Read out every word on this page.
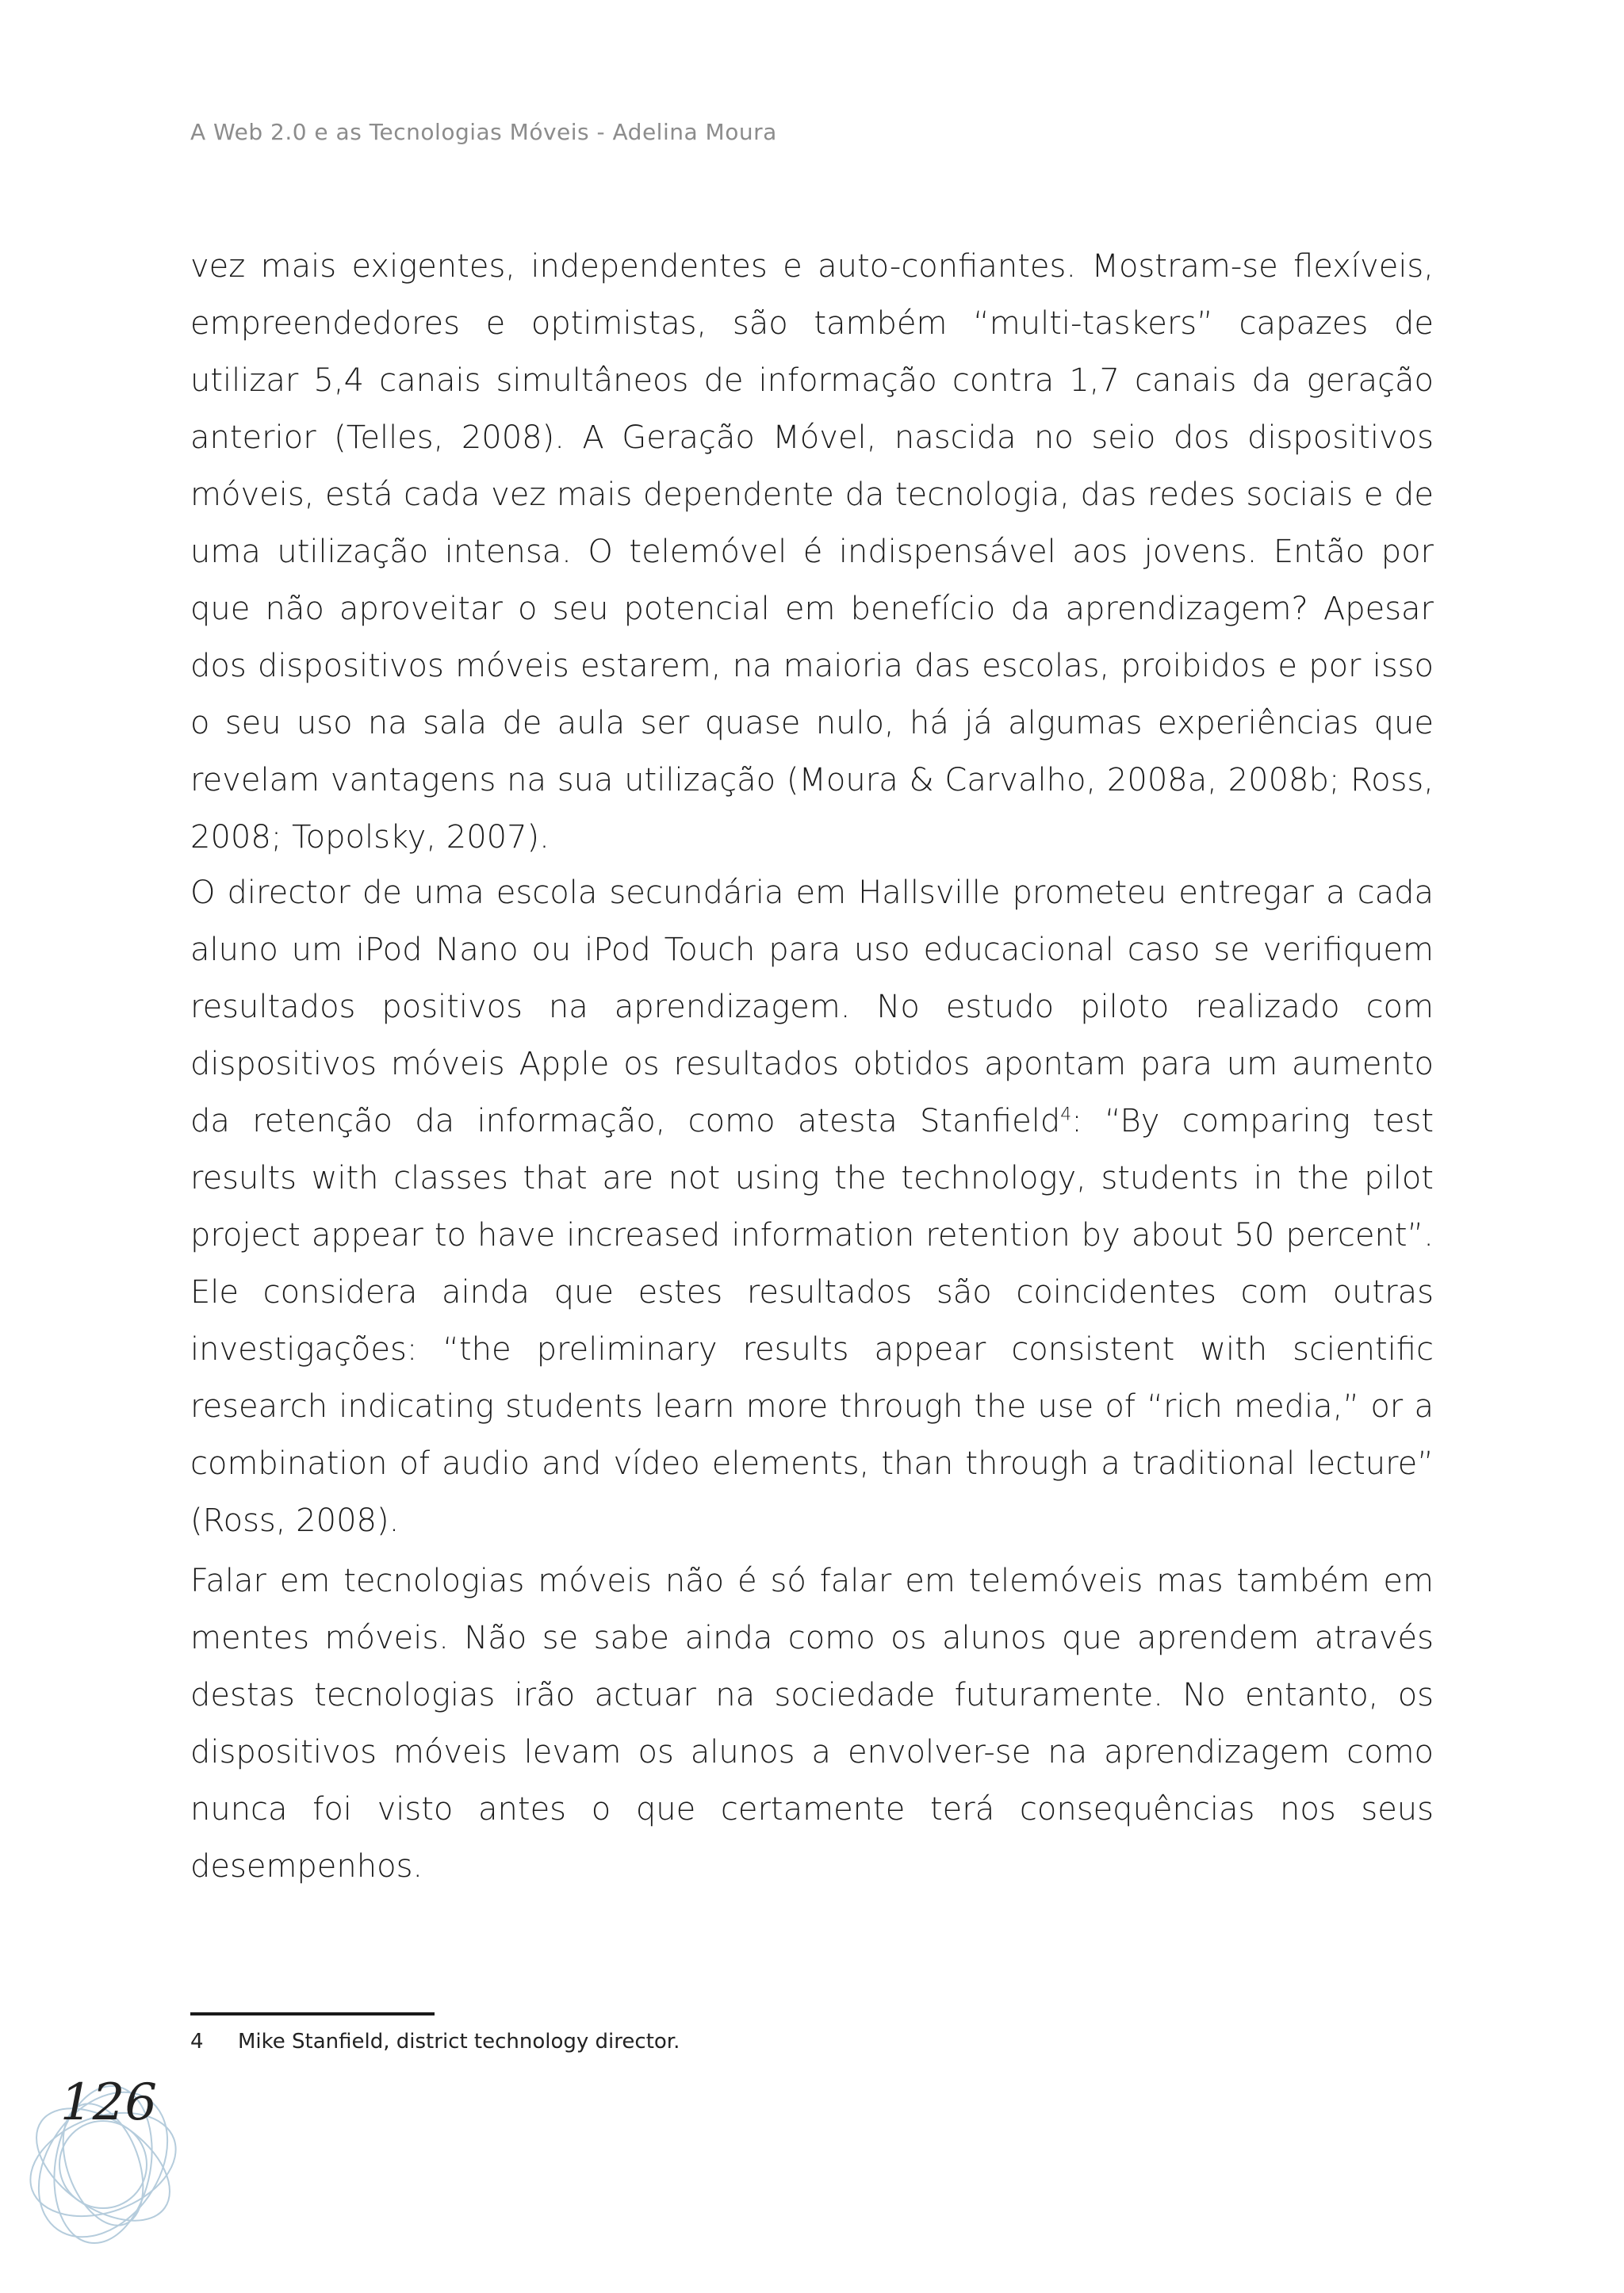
A Web 2.0 e as Tecnologias Móveis - Adelina Moura
vez mais exigentes, independentes e auto-confiantes. Mostram-se flexíveis, empreendedores e optimistas, são também “multi-taskers” capazes de utilizar 5,4 canais simultâneos de informação contra 1,7 canais da geração anterior (Telles, 2008). A Geração Móvel, nascida no seio dos dispositivos móveis, está cada vez mais dependente da tecnologia, das redes sociais e de uma utilização intensa. O telemóvel é indispensável aos jovens. Então por que não aproveitar o seu potencial em benefício da aprendizagem? Apesar dos dispositivos móveis estarem, na maioria das escolas, proibidos e por isso o seu uso na sala de aula ser quase nulo, há já algumas experiências que revelam vantagens na sua utilização (Moura & Carvalho, 2008a, 2008b; Ross, 2008; Topolsky, 2007).
O director de uma escola secundária em Hallsville prometeu entregar a cada aluno um iPod Nano ou iPod Touch para uso educacional caso se verifiquem resultados positivos na aprendizagem. No estudo piloto realizado com dispositivos móveis Apple os resultados obtidos apontam para um aumento da retenção da informação, como atesta Stanfield$^4$: “By comparing test results with classes that are not using the technology, students in the pilot project appear to have increased information retention by about 50 percent”. Ele considera ainda que estes resultados são coincidentes com outras investigações: “the preliminary results appear consistent with scientific research indicating students learn more through the use of “rich media,” or a combination of audio and vídeo elements, than through a traditional lecture” (Ross, 2008).
Falar em tecnologias móveis não é só falar em telemóveis mas também em mentes móveis. Não se sabe ainda como os alunos que aprendem através destas tecnologias irão actuar na sociedade futuramente. No entanto, os dispositivos móveis levam os alunos a envolver-se na aprendizagem como nunca foi visto antes o que certamente terá consequências nos seus desempenhos.
4 Mike Stanfield, district technology director.
126
